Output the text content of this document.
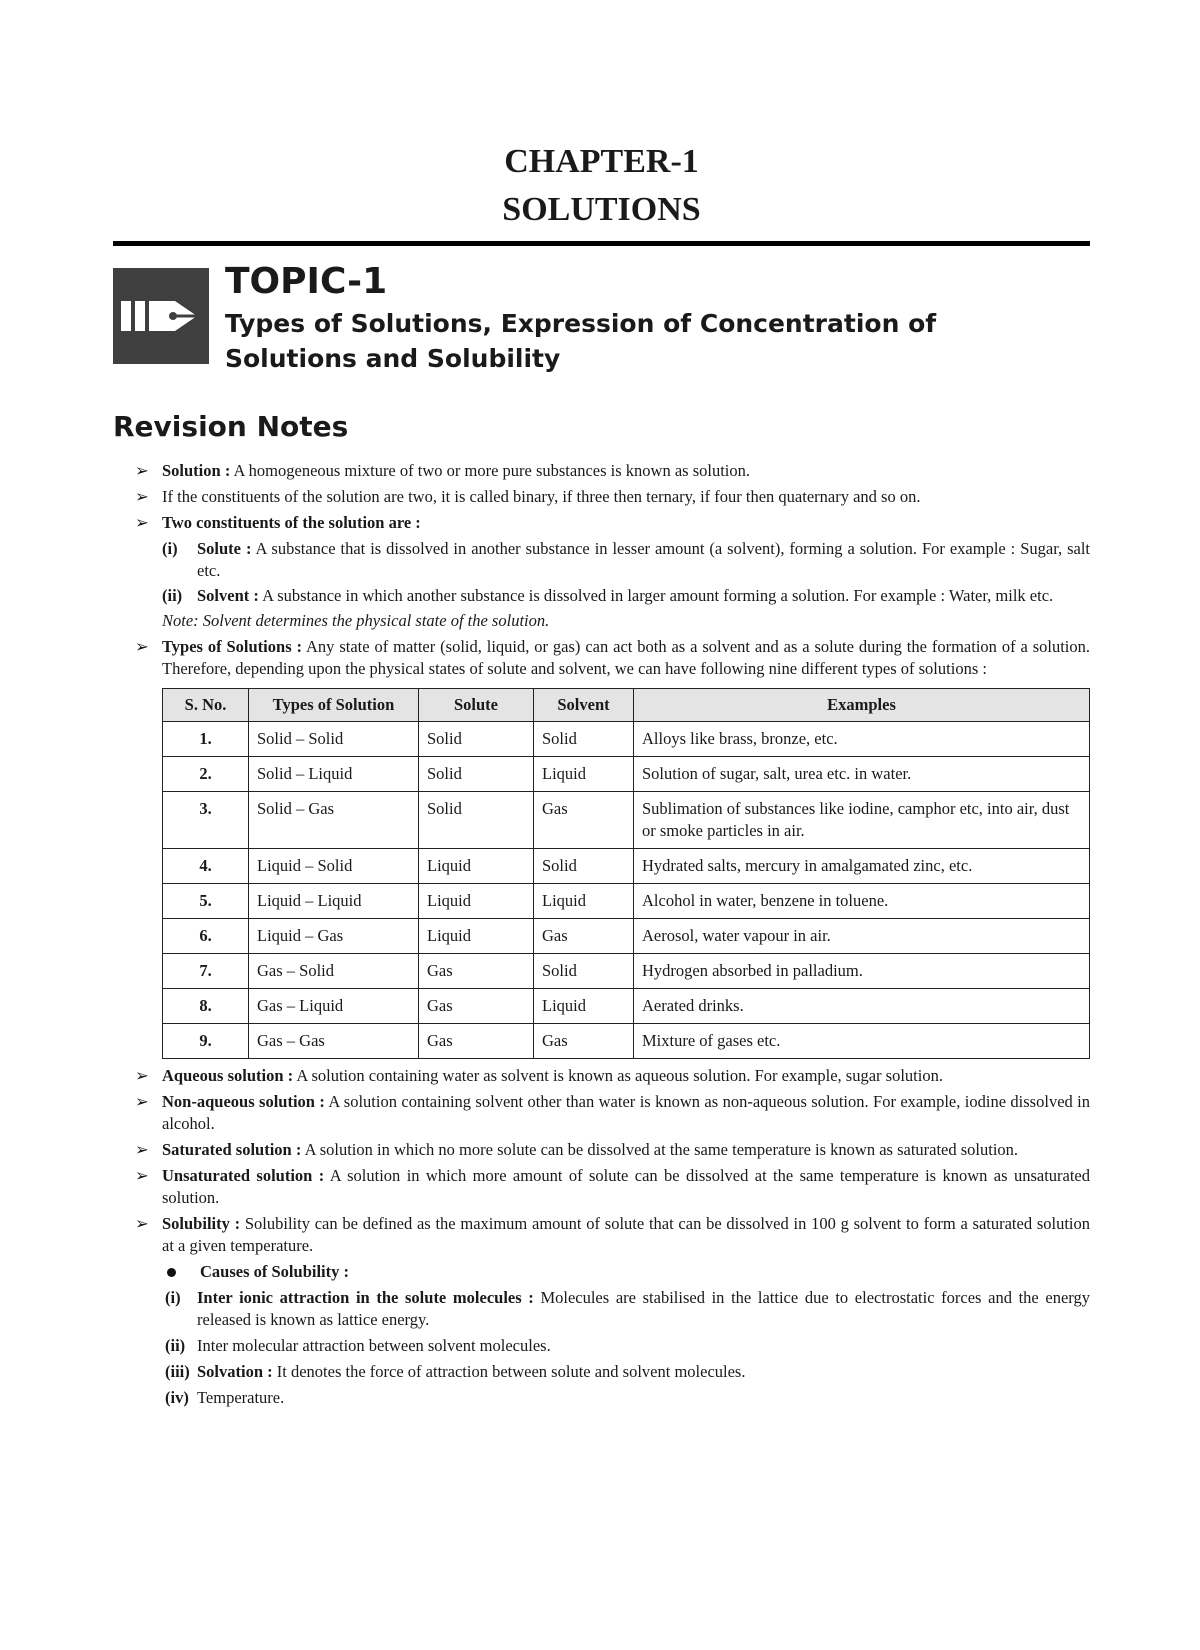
CHAPTER-1
SOLUTIONS
TOPIC-1
Types of Solutions, Expression of Concentration of Solutions and Solubility
Revision Notes
➢ Solution : A homogeneous mixture of two or more pure substances is known as solution.
➢ If the constituents of the solution are two, it is called binary, if three then ternary, if four then quaternary and so on.
➢ Two constituents of the solution are :
(i) Solute : A substance that is dissolved in another substance in lesser amount (a solvent), forming a solution. For example : Sugar, salt etc.
(ii) Solvent : A substance in which another substance is dissolved in larger amount forming a solution. For example : Water, milk etc.
Note: Solvent determines the physical state of the solution.
➢ Types of Solutions : Any state of matter (solid, liquid, or gas) can act both as a solvent and as a solute during the formation of a solution. Therefore, depending upon the physical states of solute and solvent, we can have following nine different types of solutions :
S. No.	Types of Solution	Solute	Solvent	Examples
1.	Solid – Solid	Solid	Solid	Alloys like brass, bronze, etc.
2.	Solid – Liquid	Solid	Liquid	Solution of sugar, salt, urea etc. in water.
3.	Solid – Gas	Solid	Gas	Sublimation of substances like iodine, camphor etc, into air, dust or smoke particles in air.
4.	Liquid – Solid	Liquid	Solid	Hydrated salts, mercury in amalgamated zinc, etc.
5.	Liquid – Liquid	Liquid	Liquid	Alcohol in water, benzene in toluene.
6.	Liquid – Gas	Liquid	Gas	Aerosol, water vapour in air.
7.	Gas – Solid	Gas	Solid	Hydrogen absorbed in palladium.
8.	Gas – Liquid	Gas	Liquid	Aerated drinks.
9.	Gas – Gas	Gas	Gas	Mixture of gases etc.
➢ Aqueous solution : A solution containing water as solvent is known as aqueous solution. For example, sugar solution.
➢ Non-aqueous solution : A solution containing solvent other than water is known as non-aqueous solution. For example, iodine dissolved in alcohol.
➢ Saturated solution : A solution in which no more solute can be dissolved at the same temperature is known as saturated solution.
➢ Unsaturated solution : A solution in which more amount of solute can be dissolved at the same temperature is known as unsaturated solution.
➢ Solubility : Solubility can be defined as the maximum amount of solute that can be dissolved in 100 g solvent to form a saturated solution at a given temperature.
Causes of Solubility :
(i) Inter ionic attraction in the solute molecules : Molecules are stabilised in the lattice due to electrostatic forces and the energy released is known as lattice energy.
(ii) Inter molecular attraction between solvent molecules.
(iii) Solvation : It denotes the force of attraction between solute and solvent molecules.
(iv) Temperature.
